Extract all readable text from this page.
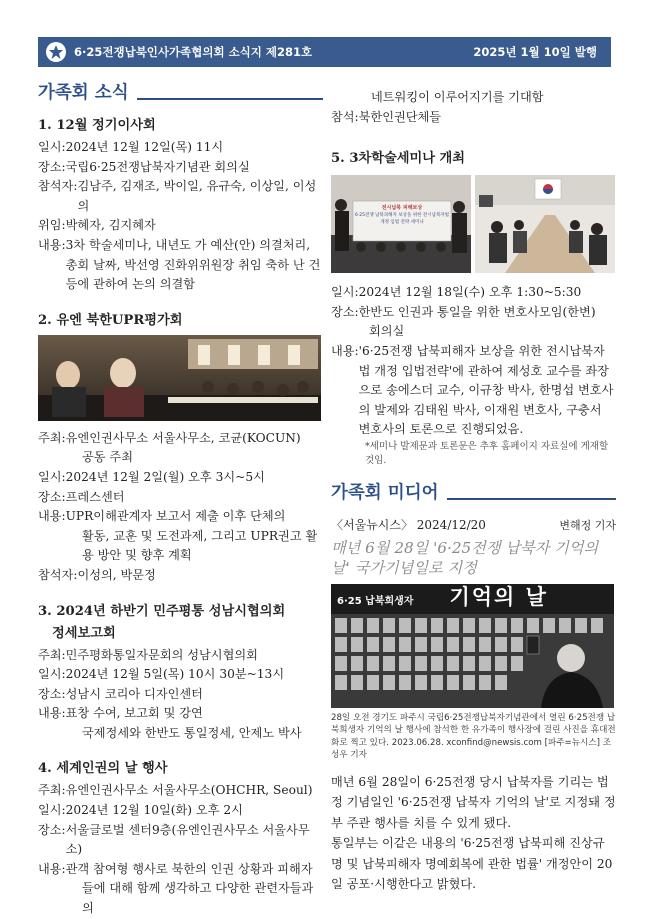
6·25전쟁납북인사가족협의회 소식지 제281호	2025년 1월 10일 발행
가족회 소식
1. 12월 정기이사회
일시: 2024년 12월 12일(목) 11시
장소: 국립6·25전쟁납북자기념관 회의실
참석자: 김남주, 김재조, 박이일, 유규숙, 이상일, 이성의
위임: 박혜자, 김지혜자
내용: 3차 학술세미나, 내년도 가 예산(안) 의결처리, 총회 날짜, 박선영 진화위위원장 취임 축하 난 건 등에 관하여 논의 의결함
2. 유엔 북한UPR평가회
주최: 유엔인권사무소 서울사무소, 코균(KOCUN)
공동 주최
일시: 2024년 12월 2일(월) 오후 3시~5시
장소: 프레스센터
내용: UPR이해관계자 보고서 제출 이후 단체의
활동, 교훈 및 도전과제, 그리고 UPR권고 활용 방안 및 향후 계획
참석자: 이성의, 박문정
3. 2024년 하반기 민주평통 성남시협의회
정세보고회
주최: 민주평화통일자문회의 성남시협의회
일시: 2024년 12월 5일(목) 10시 30분~13시
장소: 성남시 코리아 디자인센터
내용: 표창 수여, 보고회 및 강연
국제정세와 한반도 통일정세, 안제노 박사
4. 세계인권의 날 행사
주최: 유엔인권사무소 서울사무소(OHCHR, Seoul)
일시: 2024년 12월 10일(화) 오후 2시
장소: 서울글로벌 센터9층(유엔인권사무소 서울사무소)
내용: 관객 참여형 행사로 북한의 인권 상황과 피해자
들에 대해 함께 생각하고 다양한 관련자들과의
네트워킹이 이루어지기를 기대함
참석: 북한인권단체들
5. 3차학술세미나 개최
전시납북 피해보상
6·25전쟁 납북피해자 보상을 위한 전시납북자법 개정 입법 전략 세미나
일시: 2024년 12월 18일(수) 오후 1:30~5:30
장소: 한반도 인권과 통일을 위한 변호사모임(한변)
회의실
내용: '6·25전쟁 납북피해자 보상을 위한 전시납북자법 개정 입법전략'에 관하여 제성호 교수를 좌장으로 송에스더 교수, 이규창 박사, 한명섭 변호사의 발제와 김태원 박사, 이재원 변호사, 구충서 변호사의 토론으로 진행되었음.
*세미나 발제문과 토론문은 추후 홈페이지 자료실에 게재할 것임.
가족회 미디어
〈서울뉴시스〉 2024/12/20	변해정 기자
매년 6월 28일 '6·25전쟁 납북자 기억의 날' 국가기념일로 지정
6·25 납북희생자 기억의 날
28일 오전 경기도 파주시 국립6·25전쟁납북자기념관에서 열린 6·25전쟁 납북희생자 기억의 날 행사에 참석한 한 유가족이 행사장에 걸린 사진을 휴대전화로 찍고 있다. 2023.06.28. xconfind@newsis.com [파주=뉴시스] 조성우 기자
매년 6월 28일이 6·25전쟁 당시 납북자를 기리는 법정 기념일인 '6·25전쟁 납북자 기억의 날'로 지정돼 정부 주관 행사를 치를 수 있게 됐다.
통일부는 이같은 내용의 '6·25전쟁 납북피해 진상규명 및 납북피해자 명예회복에 관한 법률' 개정안이 20일 공포·시행한다고 밝혔다.
